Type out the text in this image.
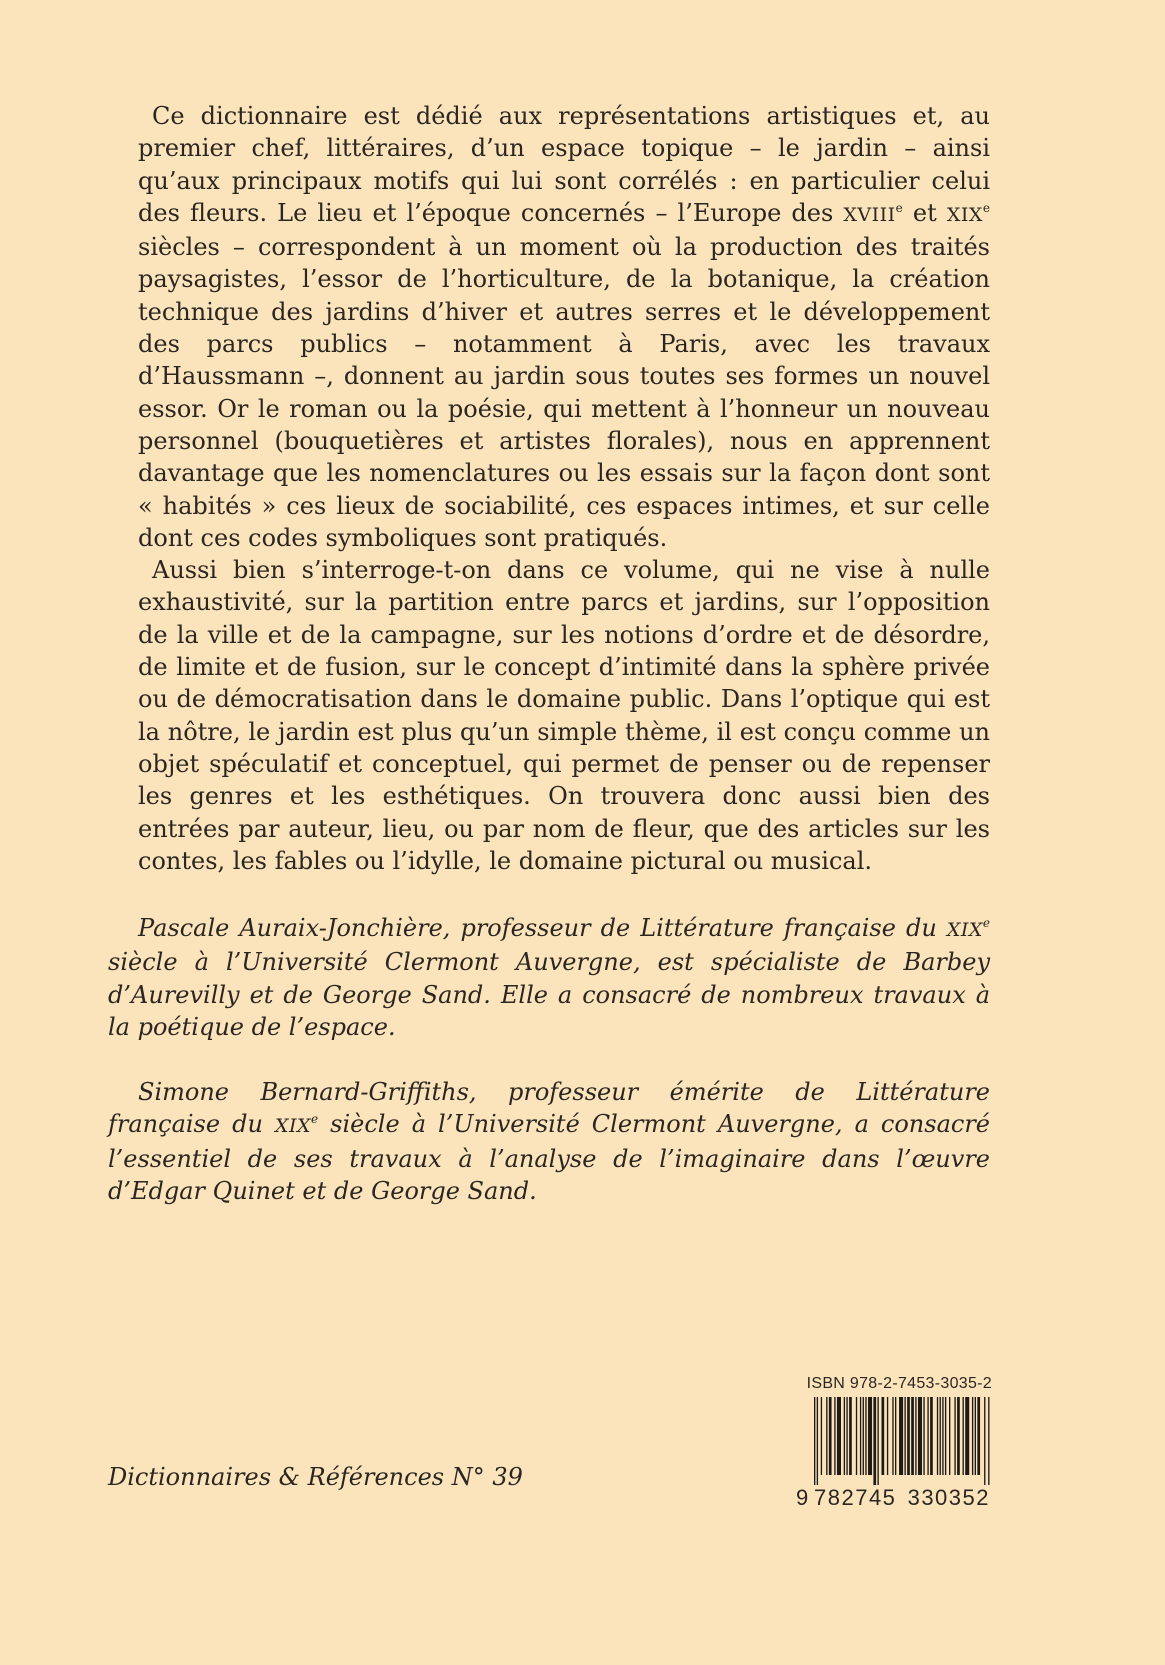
Ce dictionnaire est dédié aux représentations artistiques et, au premier chef, littéraires, d’un espace topique – le jardin – ainsi qu’aux principaux motifs qui lui sont corrélés : en particulier celui des fleurs. Le lieu et l’époque concernés – l’Europe des XVIIIe et XIXe siècles – correspondent à un moment où la production des traités paysagistes, l’essor de l’horticulture, de la botanique, la création technique des jardins d’hiver et autres serres et le développement des parcs publics – notamment à Paris, avec les travaux d’Haussmann –, donnent au jardin sous toutes ses formes un nouvel essor. Or le roman ou la poésie, qui mettent à l’honneur un nouveau personnel (bouquetières et artistes florales), nous en apprennent davantage que les nomenclatures ou les essais sur la façon dont sont « habités » ces lieux de sociabilité, ces espaces intimes, et sur celle dont ces codes symboliques sont pratiqués.

Aussi bien s’interroge-t-on dans ce volume, qui ne vise à nulle exhaustivité, sur la partition entre parcs et jardins, sur l’opposition de la ville et de la campagne, sur les notions d’ordre et de désordre, de limite et de fusion, sur le concept d’intimité dans la sphère privée ou de démocratisation dans le domaine public. Dans l’optique qui est la nôtre, le jardin est plus qu’un simple thème, il est conçu comme un objet spéculatif et conceptuel, qui permet de penser ou de repenser les genres et les esthétiques. On trouvera donc aussi bien des entrées par auteur, lieu, ou par nom de fleur, que des articles sur les contes, les fables ou l’idylle, le domaine pictural ou musical.

Pascale Auraix-Jonchière, professeur de Littérature française du XIXe siècle à l’Université Clermont Auvergne, est spécialiste de Barbey d’Aurevilly et de George Sand. Elle a consacré de nombreux travaux à la poétique de l’espace.
Simone Bernard-Griffiths, professeur émérite de Littérature française du XIXe siècle à l’Université Clermont Auvergne, a consacré l’essentiel de ses travaux à l’analyse de l’imaginaire dans l’œuvre d’Edgar Quinet et de George Sand.
Dictionnaires & Références N° 39
ISBN 978-2-7453-3035-2
9 782745 330352
